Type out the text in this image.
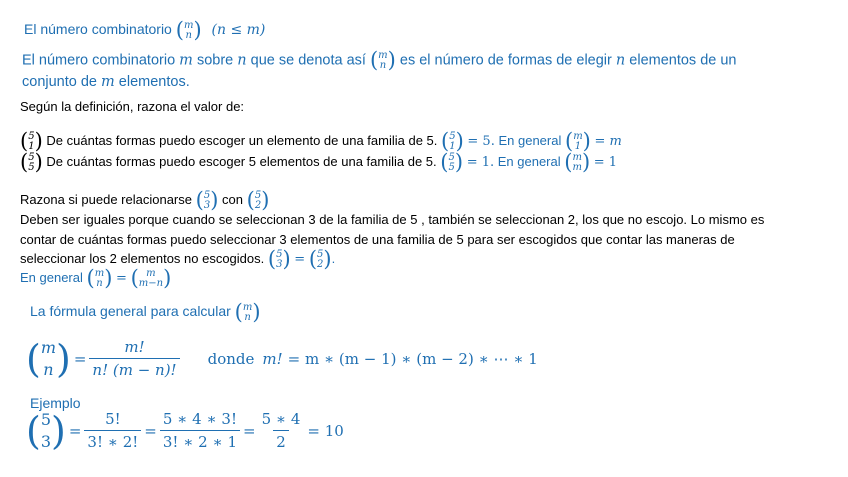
El número combinatorio ( m
n ) (n ≤ m)
El número combinatorio m sobre n que se denota así ( m
n ) es el número de formas de elegir n elementos de un
conjunto de m elementos.
Según la definición, razona el valor de:
( 5
1 ) De cuántas formas puedo escoger un elemento de una familia de 5. ( 5
1 ) = 5. En general ( m
1 ) = m
( 5
5 ) De cuántas formas puedo escoger 5 elementos de una familia de 5. ( 5
5 ) = 1. En general ( m
m ) = 1
Razona si puede relacionarse ( 5
3 ) con ( 5
2 )
Deben ser iguales porque cuando se seleccionan 3 de la familia de 5 , también se seleccionan 2, los que no escojo. Lo mismo es
contar de cuántas formas puedo seleccionar 3 elementos de una familia de 5 para ser escogidos que contar las maneras de
seleccionar los 2 elementos no escogidos. ( 5
3 ) = ( 5
2 ) .
En general ( m
n ) = ( m
m−n )
La fórmula general para calcular ( m
n )
( m
n ) = $\frac{m!}{n! (m - n)!}$ donde m! = m ∗ (m − 1) ∗ (m − 2) ∗ ⋯ ∗ 1
Ejemplo
( 5
3 ) = $\frac{5!}{3! ∗ 2!} = \frac{5 ∗ 4 ∗ 3!}{3! ∗ 2 ∗ 1} = \frac{5 ∗ 4}{2} = 10$
